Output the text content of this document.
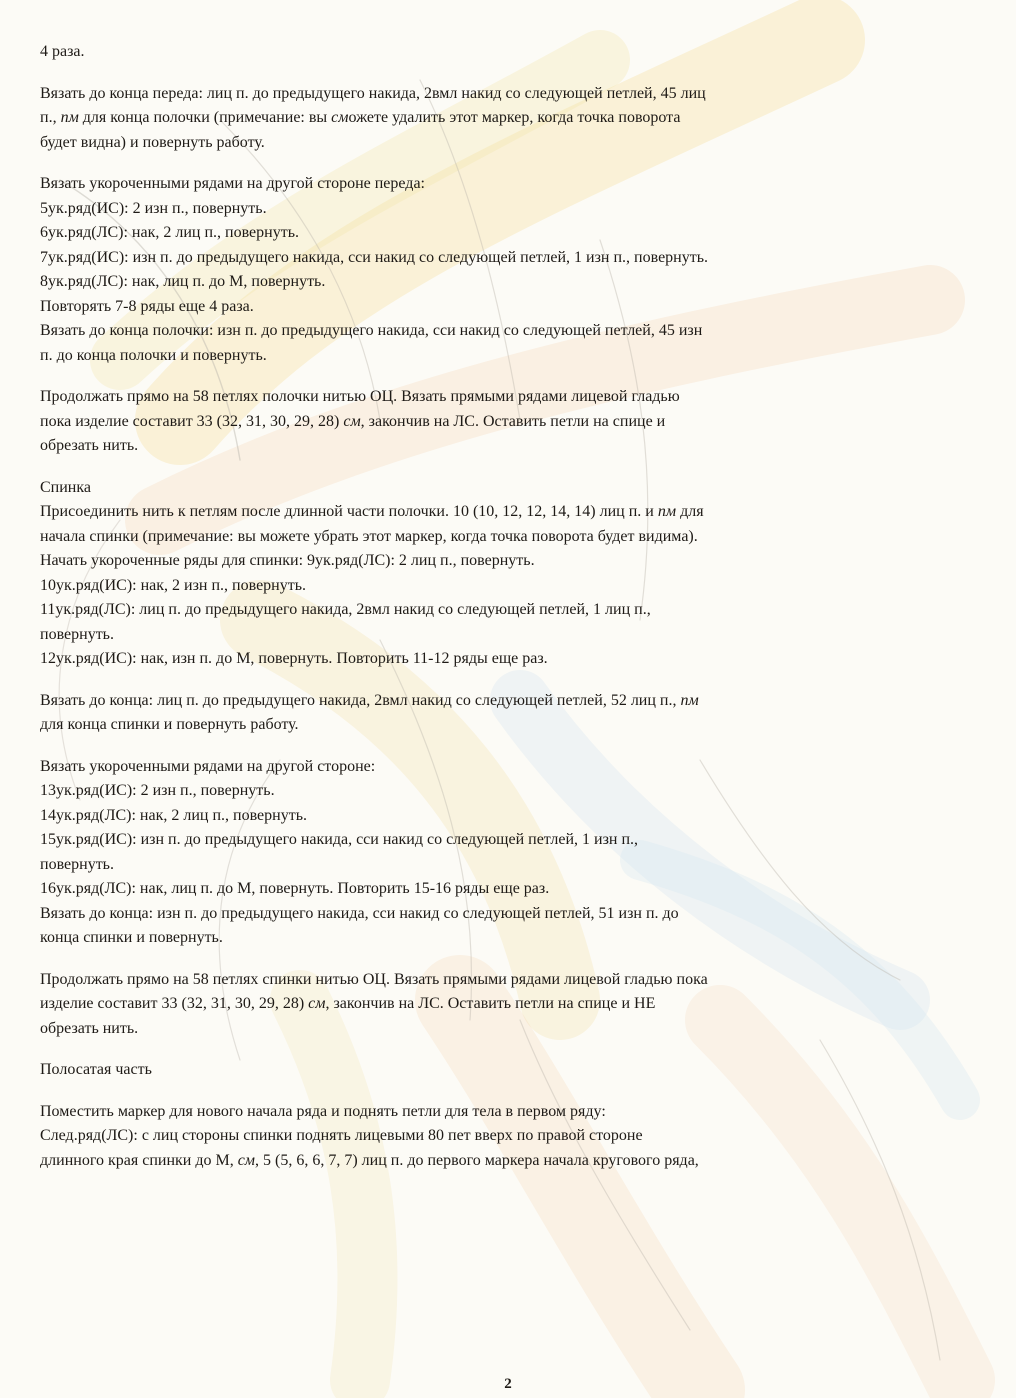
4 раза.
Вязать до конца переда: лиц п. до предыдущего накида, 2вмл накид со следующей петлей, 45 лиц
п., пм для конца полочки (примечание: вы сможете удалить этот маркер, когда точка поворота
будет видна) и повернуть работу.
Вязать укороченными рядами на другой стороне переда:
5ук.ряд(ИС): 2 изн п., повернуть.
6ук.ряд(ЛС): нак, 2 лиц п., повернуть.
7ук.ряд(ИС): изн п. до предыдущего накида, сси накид со следующей петлей, 1 изн п., повернуть.
8ук.ряд(ЛС): нак, лиц п. до М, повернуть.
Повторять 7-8 ряды еще 4 раза.
Вязать до конца полочки: изн п. до предыдущего накида, сси накид со следующей петлей, 45 изн
п. до конца полочки и повернуть.
Продолжать прямо на 58 петлях полочки нитью ОЦ. Вязать прямыми рядами лицевой гладью
пока изделие составит 33 (32, 31, 30, 29, 28) см, закончив на ЛС. Оставить петли на спице и
обрезать нить.
Спинка
Присоединить нить к петлям после длинной части полочки. 10 (10, 12, 12, 14, 14) лиц п. и пм для
начала спинки (примечание: вы можете убрать этот маркер, когда точка поворота будет видима).
Начать укороченные ряды для спинки: 9ук.ряд(ЛС): 2 лиц п., повернуть.
10ук.ряд(ИС): нак, 2 изн п., повернуть.
11ук.ряд(ЛС): лиц п. до предыдущего накида, 2вмл накид со следующей петлей, 1 лиц п.,
повернуть.
12ук.ряд(ИС): нак, изн п. до М, повернуть. Повторить 11-12 ряды еще раз.
Вязать до конца: лиц п. до предыдущего накида, 2вмл накид со следующей петлей, 52 лиц п., пм
для конца спинки и повернуть работу.
Вязать укороченными рядами на другой стороне:
13ук.ряд(ИС): 2 изн п., повернуть.
14ук.ряд(ЛС): нак, 2 лиц п., повернуть.
15ук.ряд(ИС): изн п. до предыдущего накида, сси накид со следующей петлей, 1 изн п.,
повернуть.
16ук.ряд(ЛС): нак, лиц п. до М, повернуть. Повторить 15-16 ряды еще раз.
Вязать до конца: изн п. до предыдущего накида, сси накид со следующей петлей, 51 изн п. до
конца спинки и повернуть.
Продолжать прямо на 58 петлях спинки нитью ОЦ. Вязать прямыми рядами лицевой гладью пока
изделие составит 33 (32, 31, 30, 29, 28) см, закончив на ЛС. Оставить петли на спице и НЕ
обрезать нить.
Полосатая часть
Поместить маркер для нового начала ряда и поднять петли для тела в первом ряду:
След.ряд(ЛС): с лиц стороны спинки поднять лицевыми 80 пет вверх по правой стороне
длинного края спинки до М, см, 5 (5, 6, 6, 7, 7) лиц п. до первого маркера начала кругового ряда,
2
